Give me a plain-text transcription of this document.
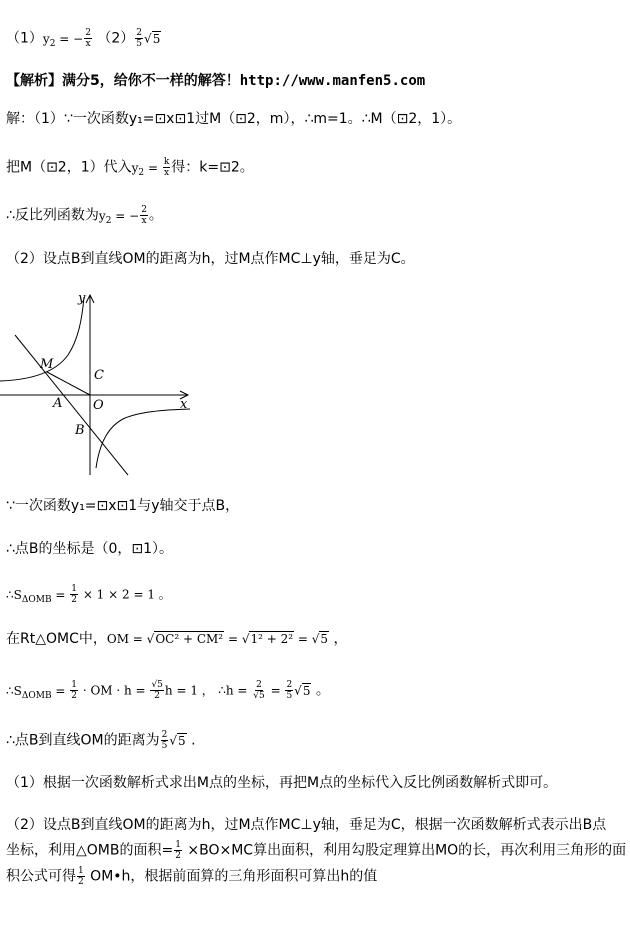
$(1)y_2$ = − $\frac{2}{x} (2) \frac{2}{5} √5$
【解析】满分5，给你不一样的解答！http://www.manfen5.com
解：（1）∵一次函数y₁=⊡x⊡1过M（⊡2，m），∴m=1。∴M（⊡2，1）。
把M（⊡2，1）代入$y_2 = \frac{k}{x}$ 得：k=⊡2。
∴反比列函数为$y_2$ = − $\frac{2}{x}$ 。
（2）设点B到直线OM的距离为h，过M点作MC⊥y轴，垂足为C。
y
x
M
C
A O
B
∵一次函数y₁=⊡x⊡1与y轴交于点B，
∴点B的坐标是（0，⊡1）。
$\therefore S_{\Delta OMB} = \frac{1}{2} \times 1 \times 2 = 1$ 。
在Rt△OMC中，OM = √OC² + CM² = √1² + 2² = √5 ，
$\therefore S_{\Delta OMB} = \frac{1}{2}$ · OM · $h = \frac{√5}{2}$ h = 1 ， ∴h = $\frac{2}{√5} = \frac{2}{5} √5$ 。
∴点B到直线OM的距离为 $\frac{2}{5} √5$ .
（1）根据一次函数解析式求出M点的坐标，再把M点的坐标代入反比例函数解析式即可。
（2）设点B到直线OM的距离为h，过M点作MC⊥y轴，垂足为C，根据一次函数解析式表示出B点
坐标，利用△OMB的面积= $\frac{1}{2} \times BO\times MC$算出面积，利用勾股定理算出MO的长，再次利用三角形的面
积公式可得 $\frac{1}{2}$ OM•h，根据前面算的三角形面积可算出h的值
